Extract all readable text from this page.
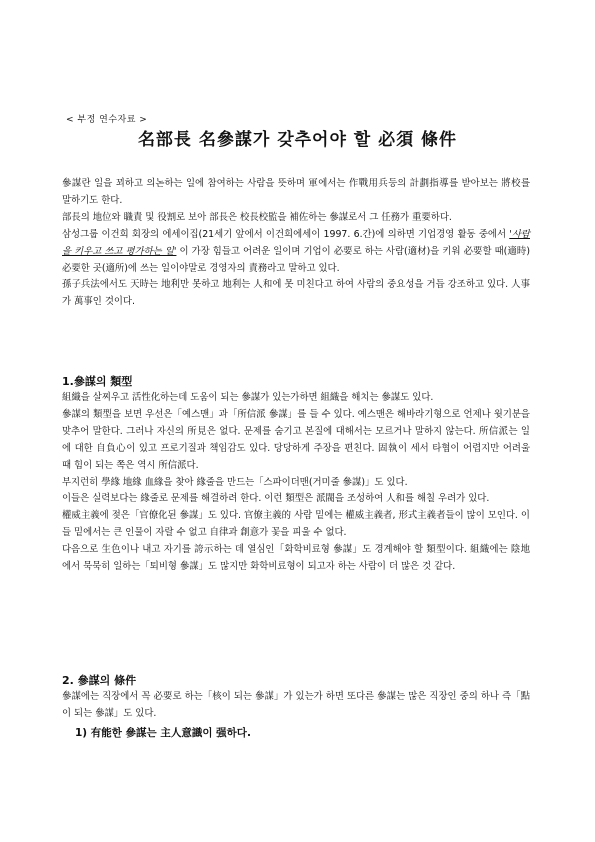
< 부정 연수자료 >
名部長 名參謀가 갖추어야 할 必須 條件

參謀란 일을 꾀하고 의논하는 일에 참여하는 사람을 뜻하며 軍에서는 作戰用兵등의 計劃指導를 받아보는 將校를 말하기도 한다.

部長의 地位와 職責 및 役割로 보아 部長은 校長校監을 補佐하는 參謀로서 그 任務가 重要하다.

삼성그룹 이건희 회장의 에세이집(21세기 앞에서 이건희에세이 1997. 6.간)에 의하면 기업경영 활동 중에서 '사람을 키우고 쓰고 평가하는 일' 이 가장 힘들고 어려운 일이며 기업이 必要로 하는 사람(適材)을 키워 必要할 때(適時) 必要한 곳(適所)에 쓰는 일이야말로 경영자의 責務라고 말하고 있다.

孫子兵法에서도 天時는 地利만 못하고 地利는 人和에 못 미친다고 하여 사람의 중요성을 거듭 강조하고 있다. 人事가 萬事인 것이다.

1.參謀의 類型

組織을 살찌우고 活性化하는데 도움이 되는 參謀가 있는가하면 組織을 해치는 參謀도 있다.

參謀의 類型을 보면 우선은「예스맨」과「所信派 參謀」를 들 수 있다. 예스맨은 해바라기형으로 언제나 윗기분을 맞추어 말한다. 그러나 자신의 所見은 없다. 문제를 숨기고 본질에 대해서는 모르거나 말하지 않는다. 所信派는 일에 대한 自負心이 있고 프로기질과 책임감도 있다. 당당하게 주장을 편친다. 固執이 세서 타협이 어렵지만 어려울 때 힘이 되는 쪽은 역시 所信派다.

부지런히 學緣 地緣 血緣을 찾아 緣줄을 만드는「스파이더맨(거미줄 參謀)」도 있다.

이들은 실력보다는 緣줄로 문제를 해결하려 한다. 이런 類型은 派閥을 조성하여 人和를 해칠 우려가 있다.

權威主義에 젖은「官僚化된 參謀」도 있다. 官僚主義的 사람 밑에는 權威主義者, 形式主義者들이 많이 모인다. 이들 밑에서는 큰 인물이 자랄 수 없고 自律과 創意가 꽃을 피울 수 없다.

다음으로 生色이나 내고 자기를 誇示하는 데 열심인「화학비료형 參謀」도 경계해야 할 類型이다. 組織에는 陰地에서 묵묵히 일하는「퇴비형 參謀」도 많지만 화학비료형이 되고자 하는 사람이 더 많은 것 같다.

2. 參謀의 條件

參謀에는 직장에서 꼭 必要로 하는「核이 되는 參謀」가 있는가 하면 또다른 參謀는 많은 직장인 중의 하나 즉「點이 되는 參謀」도 있다.

1) 有能한 參謀는 主人意識이 强하다.
